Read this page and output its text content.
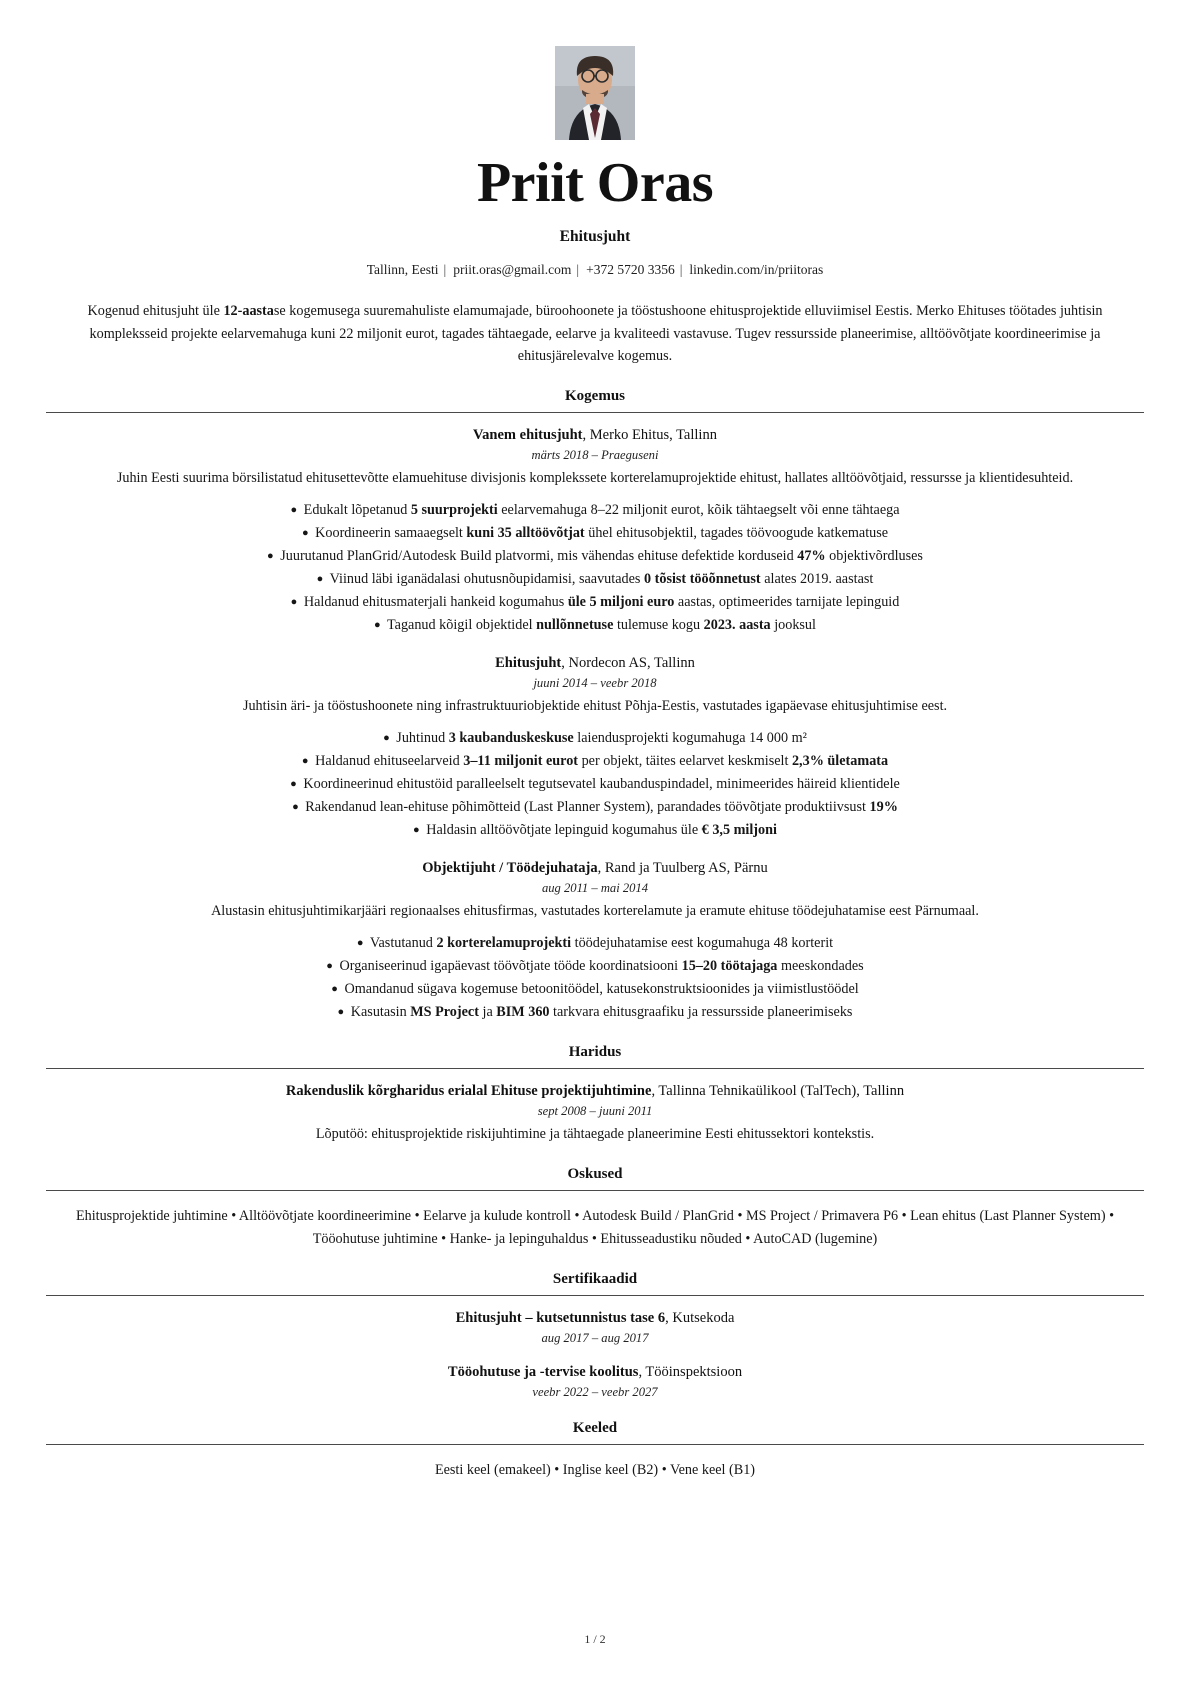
Priit Oras
Ehitusjuht
Tallinn, Eesti | priit.oras@gmail.com | +372 5720 3356 | linkedin.com/in/priitoras
Kogenud ehitusjuht üle 12-aastase kogemusega suuremahuliste elamumajade, büroohoonete ja tööstushoone ehitusprojektide elluviimisel Eestis. Merko Ehituses töötades juhtisin kompleksseid projekte eelarvemahuga kuni 22 miljonit eurot, tagades tähtaegade, eelarve ja kvaliteedi vastavuse. Tugev ressursside planeerimise, alltöövõtjate koordineerimise ja ehitusjärelevalve kogemus.
Kogemus
Vanem ehitusjuht, Merko Ehitus, Tallinn
märts 2018 – Praeguseni
Juhin Eesti suurima börsilistatud ehitusettevõtte elamuehituse divisjonis komplekssete korterelamuprojektide ehitust, hallates alltöövõtjaid, ressursse ja klientidesuhteid.
● Edukalt lõpetanud 5 suurprojekti eelarvemahuga 8–22 miljonit eurot, kõik tähtaegselt või enne tähtaega
● Koordineerin samaaegselt kuni 35 alltöövõtjat ühel ehitusobjektil, tagades töövoogude katkematuse
● Juurutanud PlanGrid/Autodesk Build platvormi, mis vähendas ehituse defektide korduseid 47% objektivõrdluses
● Viinud läbi iganädalasi ohutusnõupidamisi, saavutades 0 tõsist tööõnnetust alates 2019. aastast
● Haldanud ehitusmaterjali hankeid kogumahus üle 5 miljoni euro aastas, optimeerides tarnijate lepinguid
● Taganud kõigil objektidel nullõnnetuse tulemuse kogu 2023. aasta jooksul
Ehitusjuht, Nordecon AS, Tallinn
juuni 2014 – veebr 2018
Juhtisin äri- ja tööstushoonete ning infrastruktuuriobjektide ehitust Põhja-Eestis, vastutades igapäevase ehitusjuhtimise eest.
● Juhtinud 3 kaubanduskeskuse laiendusprojekti kogumahuga 14 000 m²
● Haldanud ehituseelarveid 3–11 miljonit eurot per objekt, täites eelarvet keskmiselt 2,3% ületamata
● Koordineerinud ehitustöid paralleelselt tegutsevatel kaubanduspindadel, minimeerides häireid klientidele
● Rakendanud lean-ehituse põhimõtteid (Last Planner System), parandades töövõtjate produktiivsust 19%
● Haldasin alltöövõtjate lepinguid kogumahus üle € 3,5 miljoni
Objektijuht / Töödejuhataja, Rand ja Tuulberg AS, Pärnu
aug 2011 – mai 2014
Alustasin ehitusjuhtimikarjääri regionaalses ehitusfirmas, vastutades korterelamute ja eramute ehituse töödejuhatamise eest Pärnumaal.
● Vastutanud 2 korterelamuprojekti töödejuhatamise eest kogumahuga 48 korterit
● Organiseerinud igapäevast töövõtjate tööde koordinatsiooni 15–20 töötajaga meeskondades
● Omandanud sügava kogemuse betoonitöödel, katusekonstruktsioonides ja viimistlustöödel
● Kasutasin MS Project ja BIM 360 tarkvara ehitusgraafiku ja ressursside planeerimiseks
Haridus
Rakenduslik kõrgharidus erialal Ehituse projektijuhtimine, Tallinna Tehnikaülikool (TalTech), Tallinn
sept 2008 – juuni 2011
Lõputöö: ehitusprojektide riskijuhtimine ja tähtaegade planeerimine Eesti ehitussektori kontekstis.
Oskused
Ehitusprojektide juhtimine • Alltöövõtjate koordineerimine • Eelarve ja kulude kontroll • Autodesk Build / PlanGrid • MS Project / Primavera P6 • Lean ehitus (Last Planner System) • Tööohutuse juhtimine • Hanke- ja lepinguhaldus • Ehitusseadustiku nõuded • AutoCAD (lugemine)
Sertifikaadid
Ehitusjuht – kutsetunnistus tase 6, Kutsekoda
aug 2017 – aug 2017
Tööohutuse ja -tervise koolitus, Tööinspektsioon
veebr 2022 – veebr 2027
Keeled
Eesti keel (emakeel) • Inglise keel (B2) • Vene keel (B1)
1 / 2
